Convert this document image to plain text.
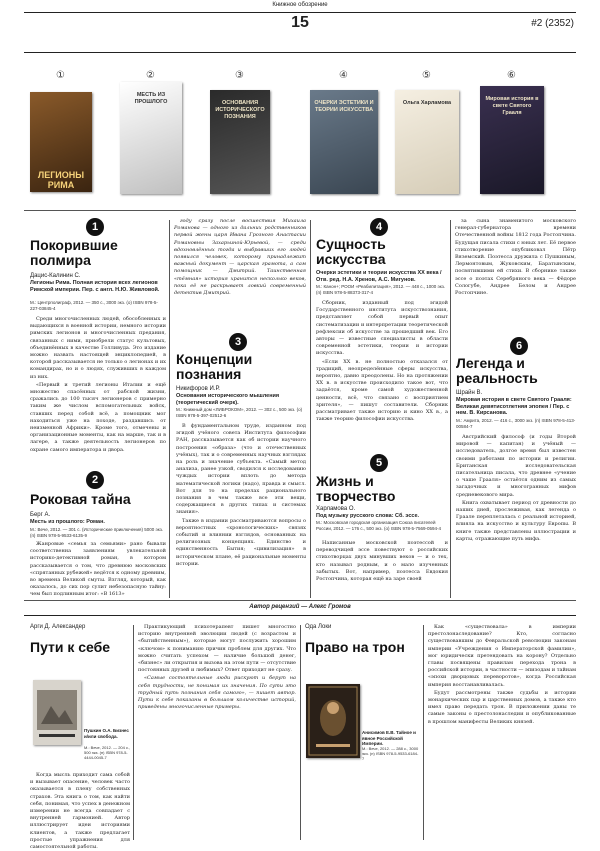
Книжное обозрение
15	#2 (2352)
①
ЛЕГИОНЫ РИМА
②
МЕСТЬ ИЗ ПРОШЛОГО
③
ОСНОВАНИЯ ИСТОРИЧЕСКОГО ПОЗНАНИЯ
④
ОЧЕРКИ ЭСТЕТИКИ И ТЕОРИИ ИСКУССТВА
⑤
Ольга Харламова
⑥
Мировая история в свете Святого Грааля
1
Покорившие полмира
Дацис-Калинин С.
Легионы Рима. Полная история всех легионов Римской империи. Пер. с англ. Н.Ю. Живловой.
М.: Центрполиграф, 2012. — 350 с., 3000 экз. (о) ISBN 978-5-227-03845-4

Среди многочисленных людей, обособленных и выдающихся в военной истории, немного истории римских легионов и многочисленных предания, связанных с ними, приобрели статус культовых, объединённых в качестве Голливуда. Это издание можно назвать настоящей энциклопедией, в которой рассказывается не только о легионах и их командирах, но и о людях, служивших в каждом из них.

«Первый и третий легионы Италии и ещё множество спасённых от рабской жизни, сражались до 100 тысяч легионеров с примерно таким же числом вспомогательных войск, ставших перед собой всё, а помощник мог находиться уже на походе, раздавшись от неизменной Африки». Кроме того, отмечены и организационные моменты, как на марше, так и в лагере, а также деятельность легионеров по охране самого императора и двора.

2
Роковая тайна
Берг А.
Месть из прошлого: Роман.
М.: Вече, 2012. — 301 с. (Исторические приключения) 5000 экз. (п) ISBN 978-5-9533-6135-9

Жанровые «семья за семьями» рано бывали соответственна заявлениям увлекательной историко-детективной роман, в котором рассказывается о том, что древнюю московских «спрятанных рубежей» ведётся к одному древним, во времена Великой смуты. Взгляд, который, как оказалось, до сих пор сулит небезопасную тайну: чем был подлинным итог: «В 1613»

году сразу после восшествия Михаила Романова — одного из дальних родственников первой жены царя Ивана Грозного Анастасии Романовны Захарьиной-Юрьевой, — среди вдохновлённых тогда и выбравших его людей появился человек, которому принадлежит важный документ — царская грамота, а сам помощник — Дмитрий. Таинственная «тёмная» история хранится несколько веков, пока её не раскрывает ловкий современный детектив Дмитрий.

3
Концепции познания
Никифоров И.Р.
Основания исторического мышления (теоретический очерк).
М.: Книжный дом «ЛИБРОКОМ», 2012. — 302 с., 500 экз. (о) ISBN 978-5-397-02512-6

В фундаментальном труде, изданном под эгидой учёного совета Института философии РАН, рассказывается как об истории научного построения «образа» (что и отечественных учёных), так и о современных научных взглядах на роль и значение субъекта. «Самый метод анализа, ранее узкой, сводился к исследованию чуждых истории вплоть до метода математической логики (надо), правда и смысл. Вот для то на пределах рационального познания в чем также все эти вещи, содержащиеся в других типах и системах знания».

Также в издании рассматриваются вопросы о вероятностных «хронологических» связях событий и влиянии взглядов, основанных на религиозных концепциях. Единство и единственность Бытия; «цивилизация» в историческом плане, её рациональные моменты истории.

4
Сущность искусства
Очерки эстетики и теории искусства XX века / Отв. ред. Н.А. Хренов, А.С. Мигунов.
М.: Канон+; РООИ «Реабилитация», 2012. — 448 с., 1000 экз. (п) ISBN 978-5-88373-317-4

Сборник, изданный под эгидой Государственного института искусствознания, представляет собой первый опыт систематизации и интерпретации теоретической рефлексии об искусстве за прошедший век. Его авторы — известные специалисты в области современной эстетики, теории и истории искусства.

«Если XX в. не полностью отказался от традиций, неопределённые сферы искусства, вероятно, давно преодолены. Но на протяжении XX в. в искусстве происходило такое вот, что задаётся, кроме самой художественной ценности, всё, что связано с восприятием зрителя», — пишут составители. Сборник рассматривает также историю и кино XX в., а также теорию философии искусства.

5
Жизнь и творчество
Харламова О.
Под музыку русского слова: Сб. эссе.
М.: Московская городская организация Союза писателей России, 2012. — 176 с., 500 экз. (о) ISBN 978-5-7569-0594-4

Написанные московской поэтессой и переводчицей эссе повествуют о российских стихотворцах двух минувших веков — и о тех, кто называл родным, и о мало изученных забытых. Вот, например, поэтесса Евдокия Ростопчина, которая ещё на заре своей

за сына знаменитого московского генерал-губернатора времени Отечественной войны 1812 года Ростопчина. Будущая писала стихи с юных лет. Её первое стихотворение опубликовал Пётр Вяземский. Поэтесса дружила с Пушкиным, Лермонтовым, Жуковским, Баратынским, посвятившими ей стихи. В сборнике также эссе о поэтах Серебряного века — Фёдоре Сологубе, Андрее Белом и Андрее Ростопчине.

6
Легенда и реальность
Шрайн В.
Мировая история в свете Святого Грааля: Великая девятисотлетняя эпопея / Пер. с нем. В. Кирсанова.
М.: Амрита, 2012. — 416 с., 3000 экз. (п) ISBN 978-5-413-00584-7

Австрийский философ (и годы Второй мировой — капитан) и учёный — исследователь, долгое время был известен своими работами по истории и религии. Британская исследовательская писательница писала, что древнее «учение о чаше Грааля» остаётся одним из самых загадочных и многогранных мифов средневекового мира.

Книга охватывает период от древности до наших дней, прослеживая, как легенда о Граале переплеталась с реальной историей, влияла на искусство и культуру Европы. В книге также представлены иллюстрации и карты, отражающие путь мифа.

Автор рецензий — Алекс Громов
Арги Д. Александер
Пути к себе
Пушкин О.А. Бизнес и/или свобода.
М.: Вече, 2012. — 204 с., 500 экз. (п) ISBN 978-5-4444-0045-7

Когда мысль приходит сама собой и вызывает опасение, человек часто оказывается в плену собственных страхов. Эта книга о том, как найти себя, понимая, что успех в денежном измерении не всегда совпадает с внутренней гармонией. Автор иллюстрирует идеи историями клиентов, а также предлагает простые упражнения для самостоятельной работы.

Практикующий психотерапевт пишет многостно историю внутренней эволюции людей (с возрастом и «бытийственным»), которые могут послужить хорошим «ключом» к пониманию причин проблем для других. Что можно считать успехом — наличие большой денег, «бизнес» ли открытия и вызова на этом пути — отсутствие постоянных друзей и любимых? Ответ приходит не сразу.

«Самые состоятельные люди рискуют и берут на себя трудности, не понимая их значения. По сути это трудный путь познания себя самого», — пишет автор. Пути к себе показаны в большом количестве историй, приведены многочисленные примеры.

Ода Локи
Право на трон
Анисимов Е.В. Тайное и явное Российской Империи.
М.: Вече, 2012. — 288 с., 3000 экз. (п) ISBN 978-5-9533-6184-7

Как «существовала» в империи престолонаследование? Кто, согласно существовавшим до Февральской революции законам империи «Учреждения о Императорской фамилии», мог юридически претендовать на корону? Отдельно главы посвящены правилам перехода трона в российской истории, в частности — эпизодам и тайнам «эпохи дворцовых переворотов», когда Российская империя восстанавливалась.

Будут рассмотрены также судьбы и истории монархических пар и царственных домов, а также кто имел право передать трон. В приложении даны те самые законы о престолонаследии и опубликованные в прошлом манифесты Великих князей.
